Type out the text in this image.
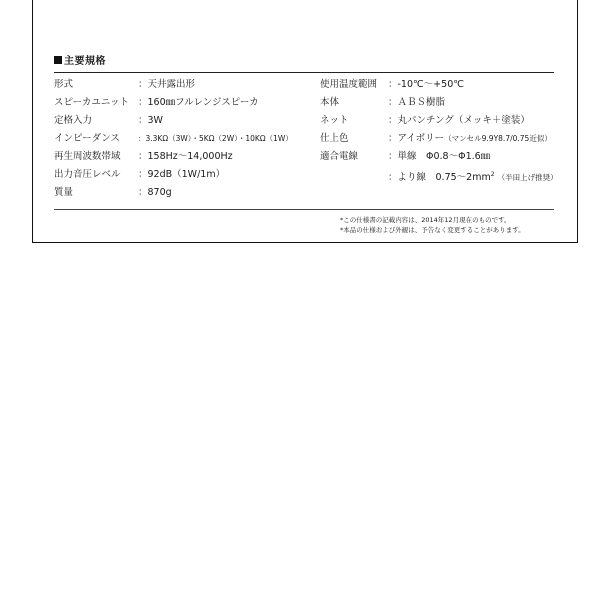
主要規格
形式	：天井露出形
スピーカユニット ：160㎜フルレンジスピーカ
定格入力	：3W
インピーダンス ：3.3KΩ（3W）・5KΩ（2W）・10KΩ（1W）
再生周波数帯域 ：158Hz～14,000Hz
出力音圧レベル ：92dB（1W/1m）
質量	：870g
使用温度範囲 ：-10℃～+50℃
本体	：ＡＢＳ樹脂
ネット	：丸パンチング（メッキ＋塗装）
仕上色	：アイボリー（マンセル9.9Y8.7/0.75近似）
適合電線	：単線　Φ0.8～Φ1.6㎜
：より線　$0.75\sim 2mm^2$ （半田上げ推奨）
*この仕様書の記載内容は、2014年12月現在のものです。
*本品の仕様および外観は、予告なく変更することがあります。
